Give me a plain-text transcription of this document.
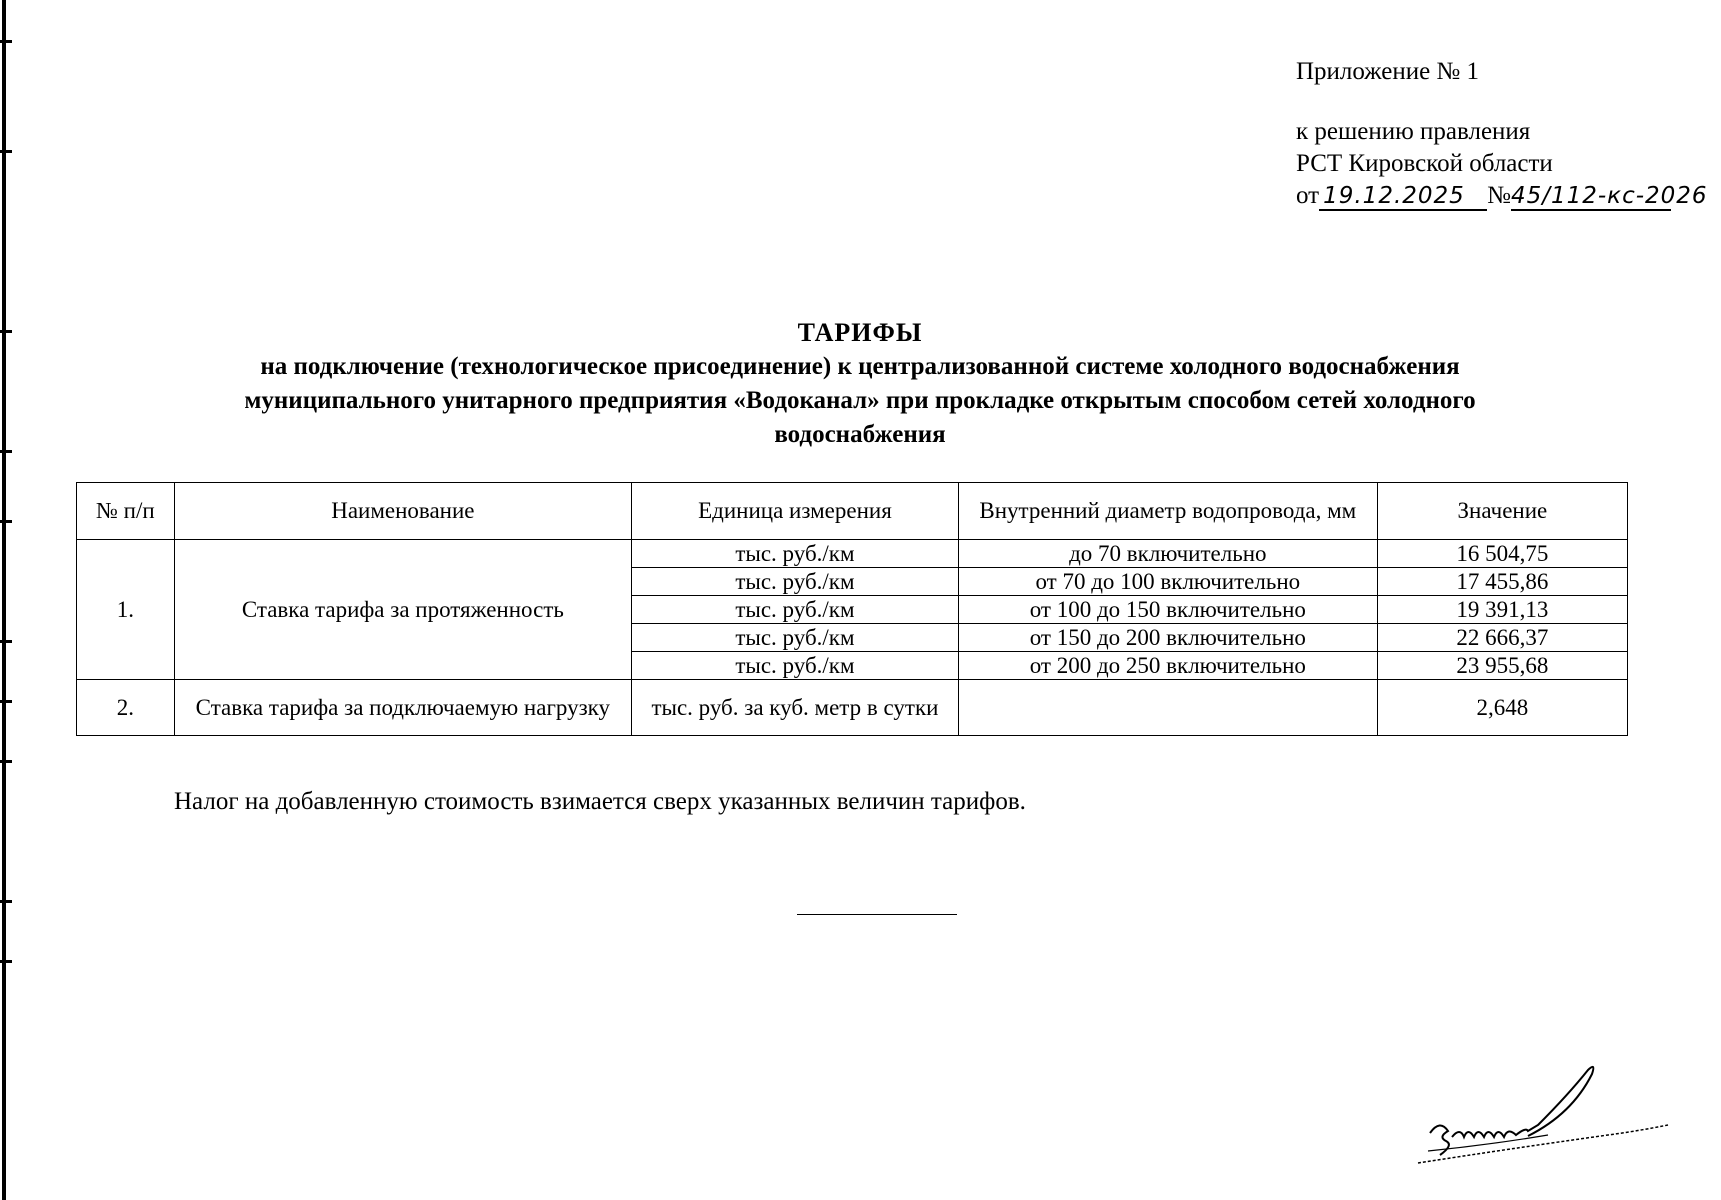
Приложение № 1
к решению правления
РСТ Кировской области
от 19.12.2025 №45/112-кс-2026
ТАРИФЫ
на подключение (технологическое присоединение) к централизованной системе холодного водоснабжения
муниципального унитарного предприятия «Водоканал» при прокладке открытым способом сетей холодного
водоснабжения
№ п/п	Наименование	Единица измерения	Внутренний диаметр водопровода, мм	Значение
1.	Ставка тарифа за протяженность	тыс. руб./км	до 70 включительно	16 504,75
		тыс. руб./км	от 70 до 100 включительно	17 455,86
		тыс. руб./км	от 100 до 150 включительно	19 391,13
		тыс. руб./км	от 150 до 200 включительно	22 666,37
		тыс. руб./км	от 200 до 250 включительно	23 955,68
2.	Ставка тарифа за подключаемую нагрузку	тыс. руб. за куб. метр в сутки		2,648
Налог на добавленную стоимость взимается сверх указанных величин тарифов.
